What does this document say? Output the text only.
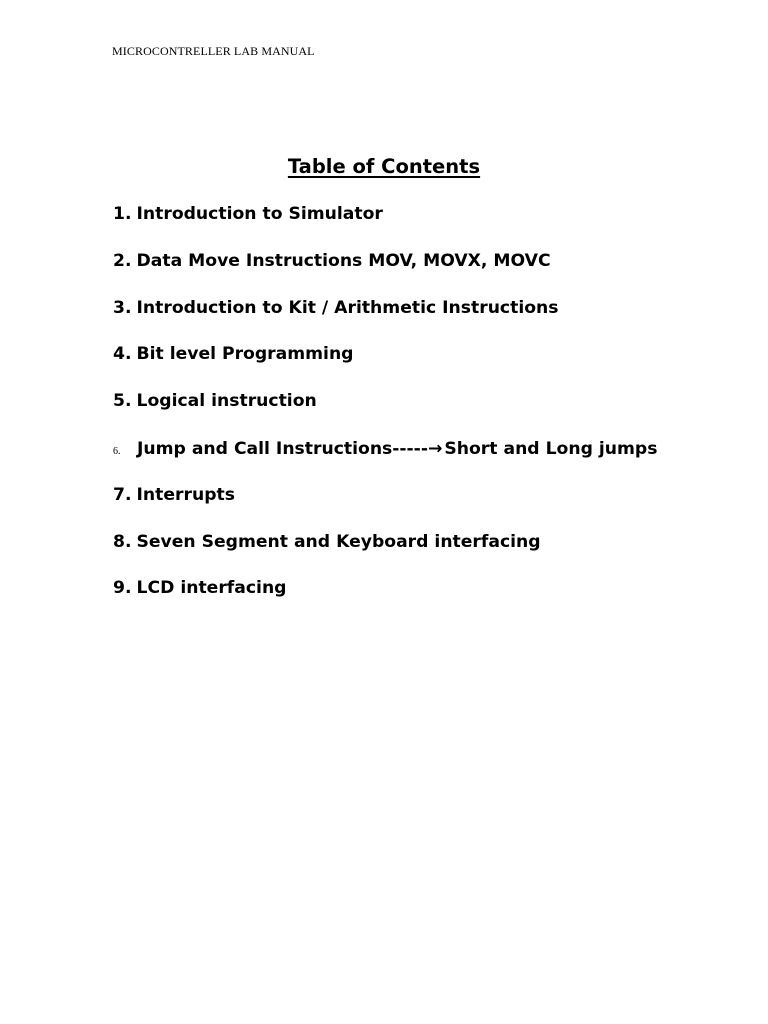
MICROCONTRELLER LAB MANUAL
Table of Contents
1. Introduction to Simulator
2. Data Move Instructions MOV, MOVX, MOVC
3. Introduction to Kit / Arithmetic Instructions
4. Bit level Programming
5. Logical instruction
6. Jump and Call Instructions-----→ Short and Long jumps
7. Interrupts
8. Seven Segment and Keyboard interfacing
9. LCD interfacing
